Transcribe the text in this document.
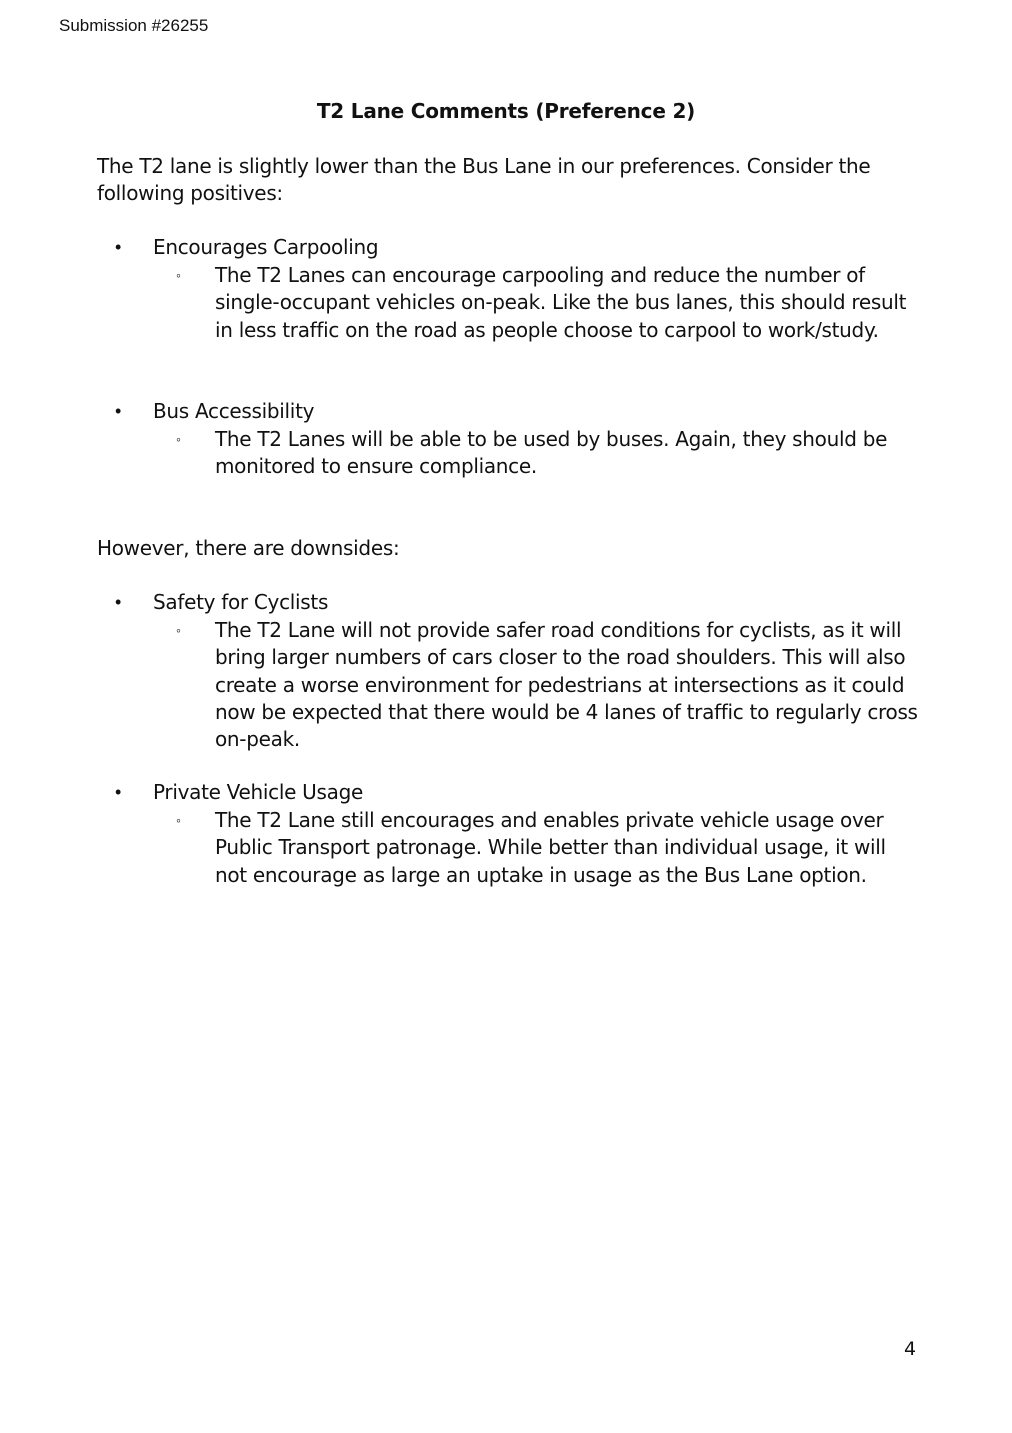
Submission #26255
T2 Lane Comments (Preference 2)
The T2 lane is slightly lower than the Bus Lane in our preferences. Consider the following positives:
• Encourages Carpooling
◦ The T2 Lanes can encourage carpooling and reduce the number of single-occupant vehicles on-peak. Like the bus lanes, this should result in less traffic on the road as people choose to carpool to work/study.
• Bus Accessibility
◦ The T2 Lanes will be able to be used by buses. Again, they should be monitored to ensure compliance.
However, there are downsides:
• Safety for Cyclists
◦ The T2 Lane will not provide safer road conditions for cyclists, as it will bring larger numbers of cars closer to the road shoulders. This will also create a worse environment for pedestrians at intersections as it could now be expected that there would be 4 lanes of traffic to regularly cross on-peak.
• Private Vehicle Usage
◦ The T2 Lane still encourages and enables private vehicle usage over Public Transport patronage. While better than individual usage, it will not encourage as large an uptake in usage as the Bus Lane option.
4
